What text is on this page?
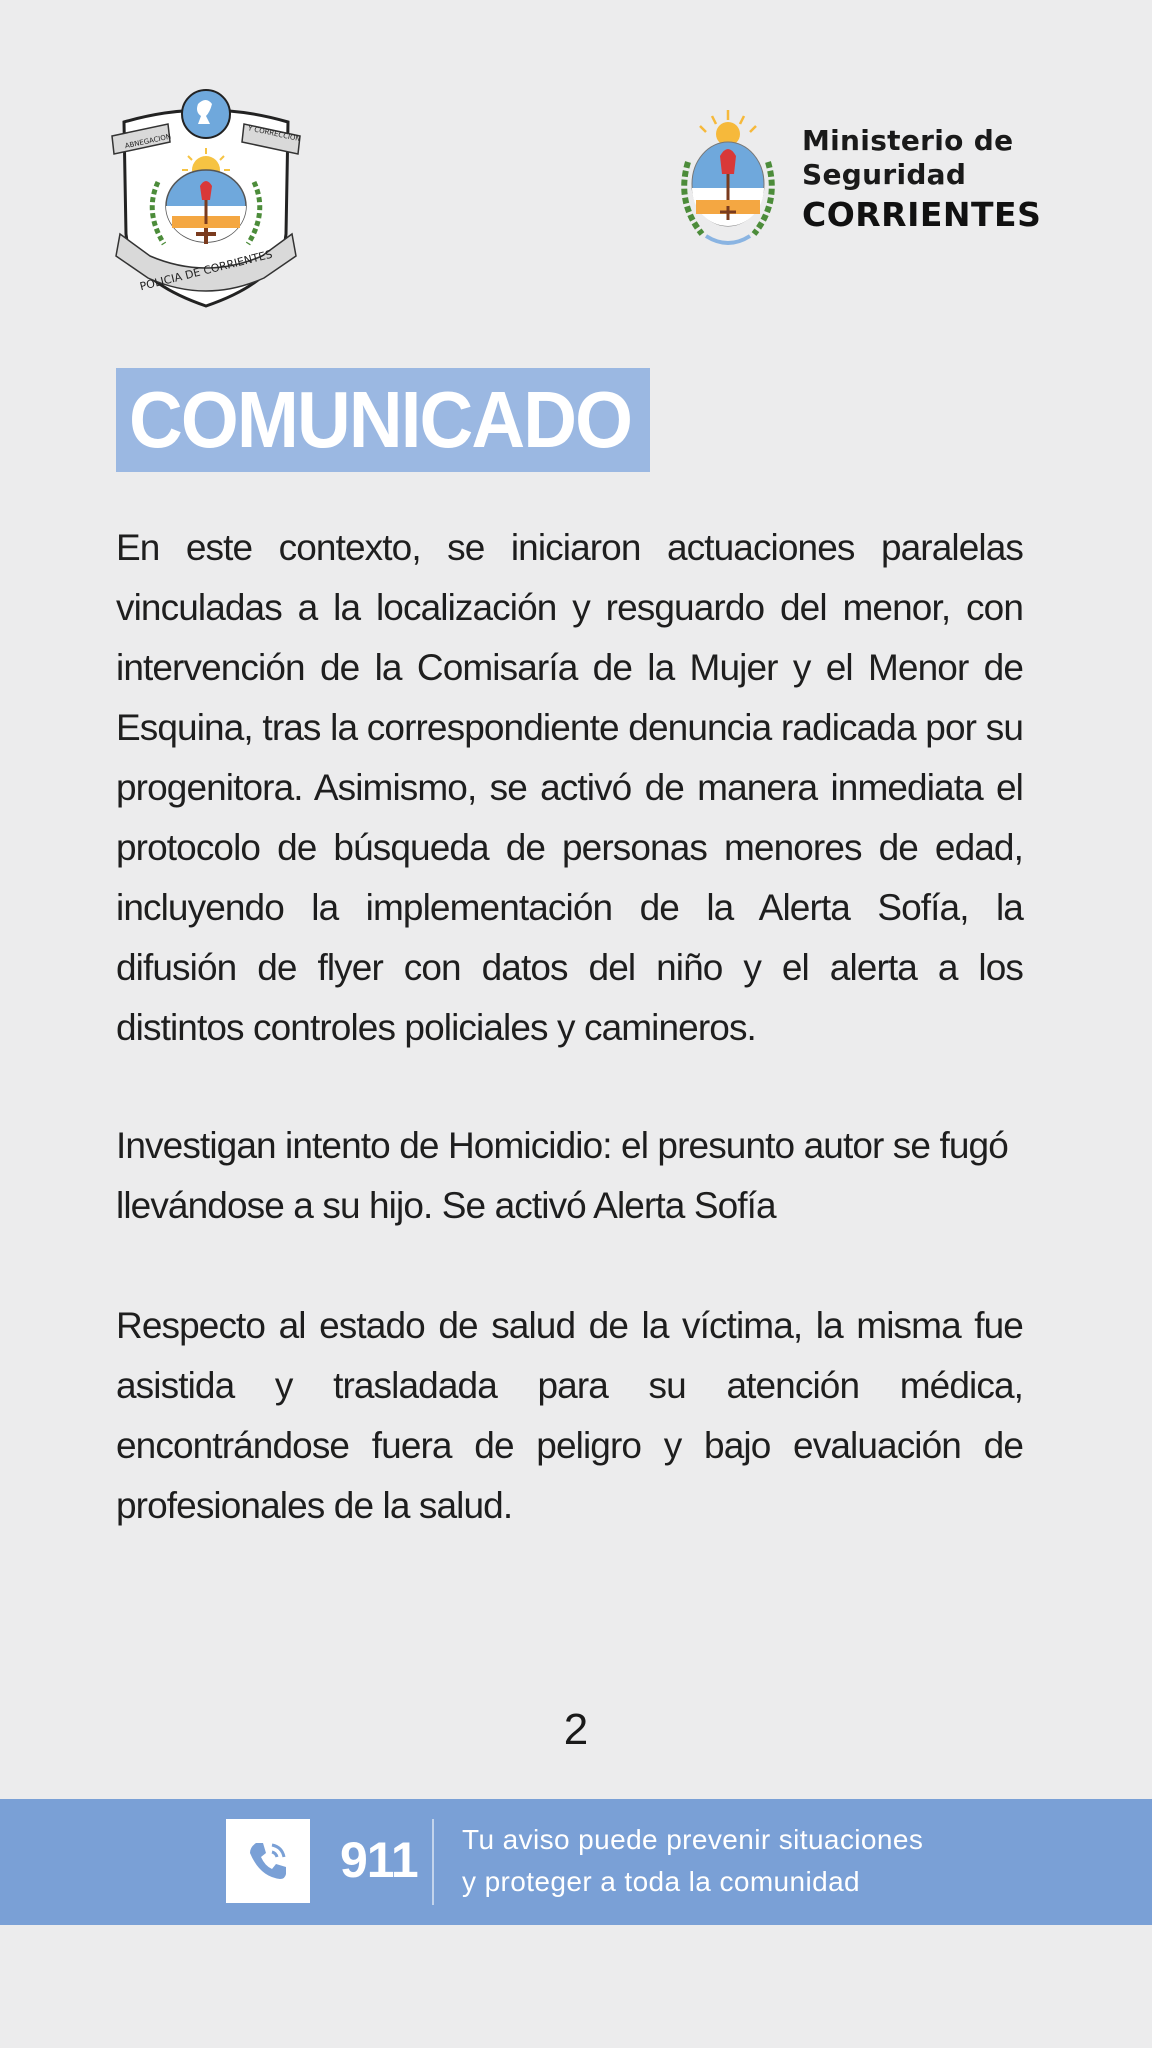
ABNEGACION	Y CORRECCION
POLICIA DE CORRIENTES
Ministerio de
Seguridad
CORRIENTES
COMUNICADO

En este contexto, se iniciaron actuaciones paralelas vinculadas a la localización y resguardo del menor, con intervención de la Comisaría de la Mujer y el Menor de Esquina, tras la correspondiente denuncia radicada por su progenitora. Asimismo, se activó de manera inmediata el protocolo de búsqueda de personas menores de edad, incluyendo la implementación de la Alerta Sofía, la difusión de flyer con datos del niño y el alerta a los distintos controles policiales y camineros.

Investigan intento de Homicidio: el presunto autor se fugó llevándose a su hijo. Se activó Alerta Sofía

Respecto al estado de salud de la víctima, la misma fue asistida y trasladada para su atención médica, encontrándose fuera de peligro y bajo evaluación de profesionales de la salud.

2
911 Tu aviso puede prevenir situaciones
y proteger a toda la comunidad
